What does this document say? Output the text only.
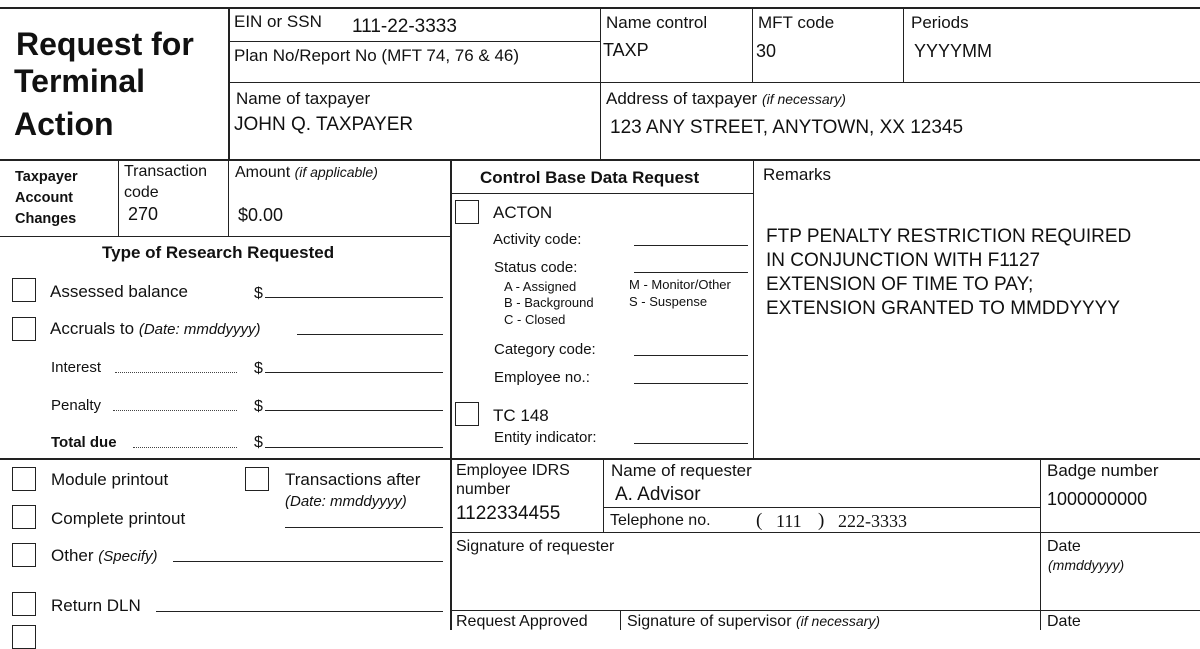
Request for
Terminal
Action
EIN or SSN 111-22-3333
Plan No/Report No (MFT 74, 76 & 46)
Name control
TAXP
MFT code
30
Periods
YYYYMM
Name of taxpayer
JOHN Q. TAXPAYER
Address of taxpayer (if necessary)
123 ANY STREET, ANYTOWN, XX 12345
Taxpayer
Account
Changes
Transaction
code
270
Amount (if applicable)
$0.00
Type of Research Requested
Assessed balance	$
Accruals to (Date: mmddyyyy)
Interest	$
Penalty	$
Total due	$
Module printout	Transactions after
(Date: mmddyyyy)
Complete printout
Other (Specify)
Return DLN
Control Base Data Request
ACTON
Activity code:
Status code:
A - Assigned
B - Background
C - Closed
M - Monitor/Other
S - Suspense
Category code:
Employee no.:
TC 148
Entity indicator:
Remarks
FTP PENALTY RESTRICTION REQUIRED
IN CONJUNCTION WITH F1127
EXTENSION OF TIME TO PAY;
EXTENSION GRANTED TO MMDDYYYY
Employee IDRS
number
1122334455
Name of requester
A. Advisor
Telephone no. ( 111 ) 222-3333
Badge number
1000000000
Signature of requester	Date
(mmddyyyy)
Request Approved Signature of supervisor (if necessary)	Date
